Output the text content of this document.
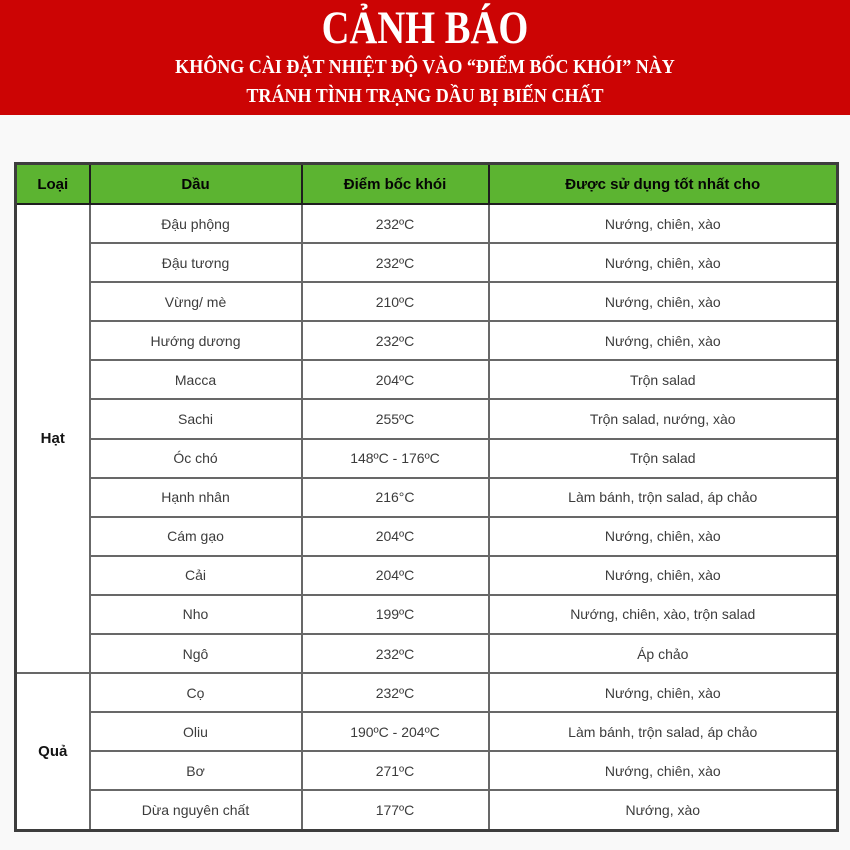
CẢNH BÁO

KHÔNG CÀI ĐẶT NHIỆT ĐỘ VÀO “ĐIỂM BỐC KHÓI” NÀY

TRÁNH TÌNH TRẠNG DẦU BỊ BIẾN CHẤT

Loại	Dầu	Điểm bốc khói	Được sử dụng tốt nhất cho
Hạt	Đậu phộng	232ºC	Nướng, chiên, xào
	Đậu tương	232ºC	Nướng, chiên, xào
	Vừng/ mè	210ºC	Nướng, chiên, xào
	Hướng dương	232ºC	Nướng, chiên, xào
	Macca	204ºC	Trộn salad
	Sachi	255ºC	Trộn salad, nướng, xào
	Óc chó	148ºC - 176ºC	Trộn salad
	Hạnh nhân	216°C	Làm bánh, trộn salad, áp chảo
	Cám gạo	204ºC	Nướng, chiên, xào
	Cải	204ºC	Nướng, chiên, xào
	Nho	199ºC	Nướng, chiên, xào, trộn salad
	Ngô	232ºC	Áp chảo
Quả	Cọ	232ºC	Nướng, chiên, xào
	Oliu	190ºC - 204ºC	Làm bánh, trộn salad, áp chảo
	Bơ	271ºC	Nướng, chiên, xào
	Dừa nguyên chất	177ºC	Nướng, xào
